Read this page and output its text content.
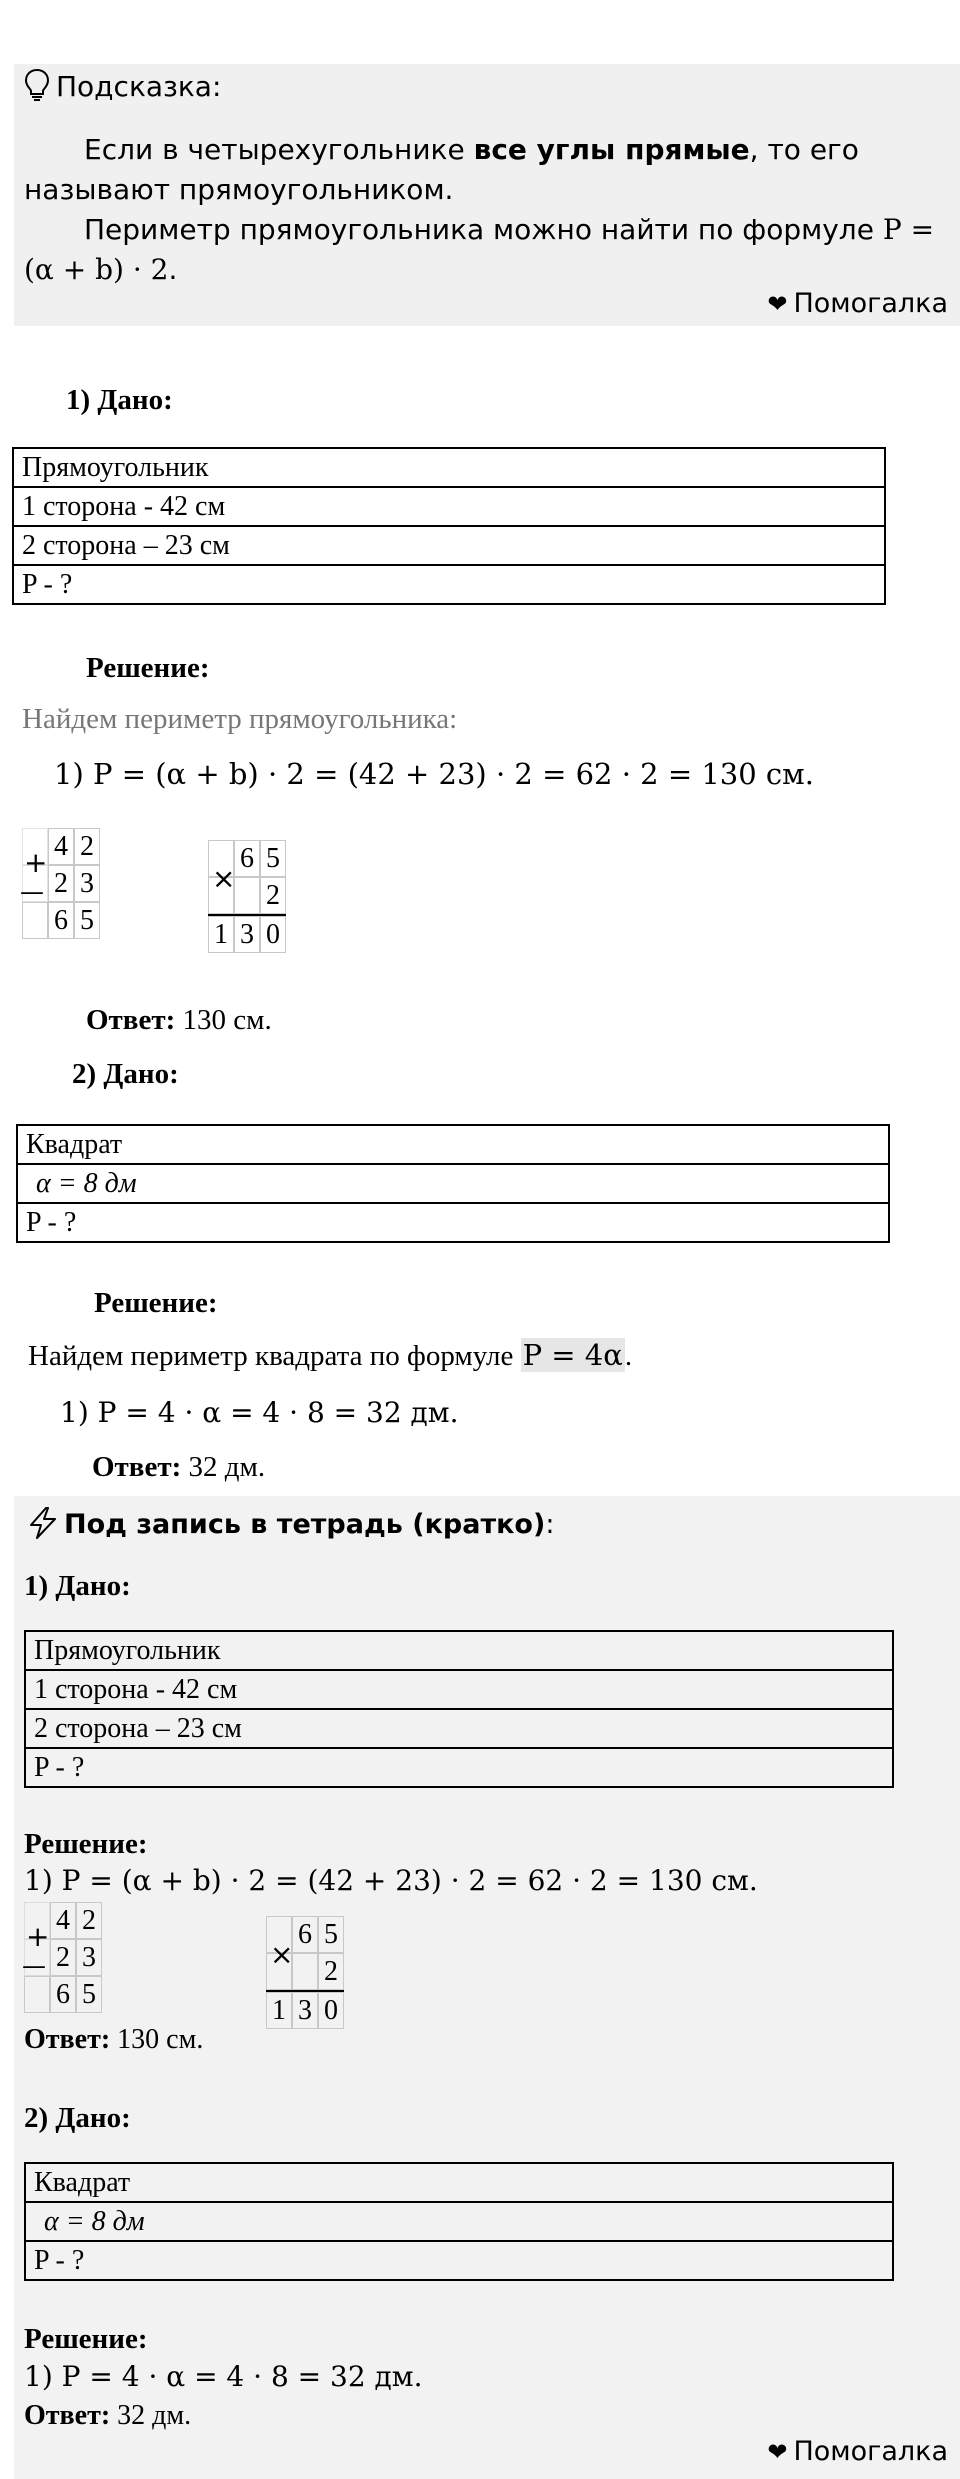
Подсказка:

Если в четырехугольнике все углы прямые, то его называют прямоугольником.

Периметр прямоугольника можно найти по формуле P = (α + b) · 2.

❤ Помогалка
1) Дано:
Прямоугольник
1 сторона - 42 см
2 сторона – 23 см
P - ?
Решение:
Найдем периметр прямоугольника:
1) P = (α + b) · 2 = (42 + 23) · 2 = 62 · 2 = 130 см.
4 2
2 3
6 5
+
—
6 5
2
1 3 0
×
Ответ: 130 см.
2) Дано:
Квадрат
α = 8 дм
P - ?
Решение:
Найдем периметр квадрата по формуле P = 4α.
1) P = 4 · α = 4 · 8 = 32 дм.
Ответ: 32 дм.
Под запись в тетрадь (кратко):
1) Дано:
Прямоугольник
1 сторона - 42 см
2 сторона – 23 см
P - ?
Решение:
1) P = (α + b) · 2 = (42 + 23) · 2 = 62 · 2 = 130 см.
4 2
2 3
6 5
+
—
6 5
2
1 3 0
×
Ответ: 130 см.
2) Дано:
Квадрат
α = 8 дм
P - ?
Решение:
1) P = 4 · α = 4 · 8 = 32 дм.
Ответ: 32 дм.
❤ Помогалка
